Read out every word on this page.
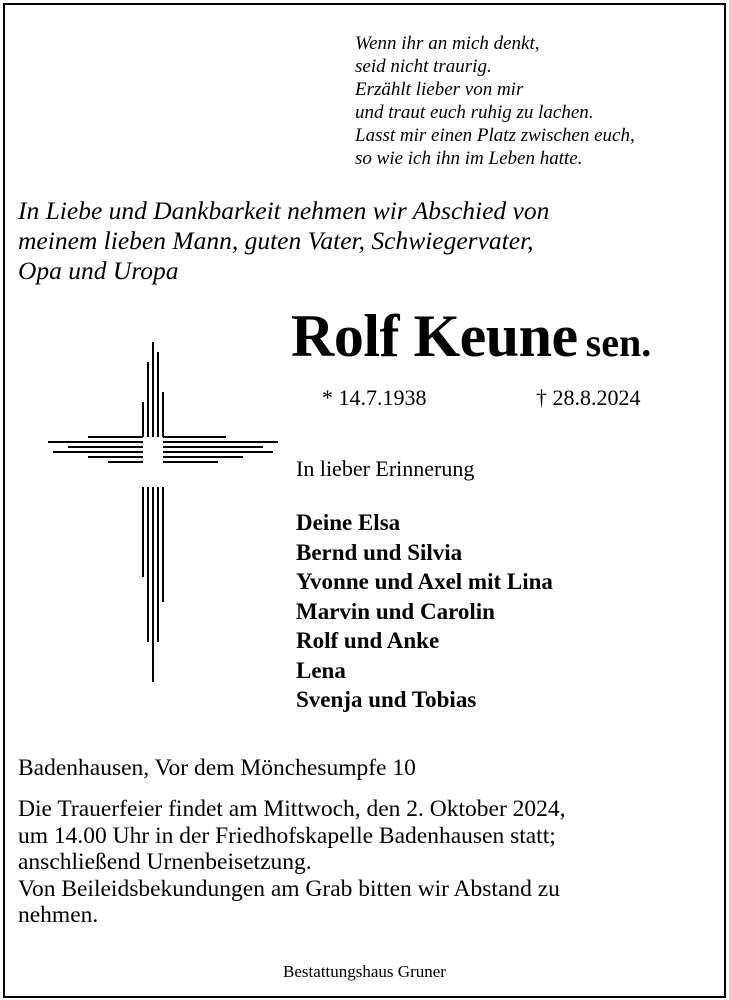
Wenn ihr an mich denkt,
seid nicht traurig.
Erzählt lieber von mir
und traut euch ruhig zu lachen.
Lasst mir einen Platz zwischen euch,
so wie ich ihn im Leben hatte.
In Liebe und Dankbarkeit nehmen wir Abschied von
meinem lieben Mann, guten Vater, Schwiegervater,
Opa und Uropa
Rolf Keune sen.
* 14.7.1938	† 28.8.2024
In lieber Erinnerung
Deine Elsa
Bernd und Silvia
Yvonne und Axel mit Lina
Marvin und Carolin
Rolf und Anke
Lena
Svenja und Tobias
Badenhausen, Vor dem Mönchesumpfe 10
Die Trauerfeier findet am Mittwoch, den 2. Oktober 2024,
um 14.00 Uhr in der Friedhofskapelle Badenhausen statt;
anschließend Urnenbeisetzung.
Von Beileidsbekundungen am Grab bitten wir Abstand zu
nehmen.
Bestattungshaus Gruner
